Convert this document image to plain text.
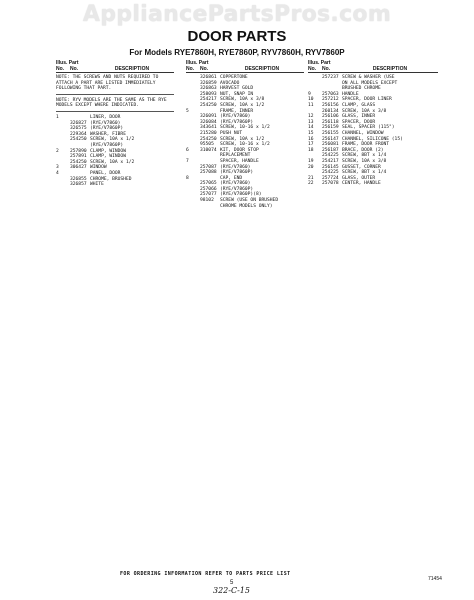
AppliancePartsPros.com
DOOR PARTS
For Models RYE7860H, RYE7860P, RYV7860H, RYV7860P
Illus. Part
No.	No.	DESCRIPTION
NOTE: THE SCREWS AND NUTS REQUIRED TO ATTACH A PART ARE LISTED IMMEDIATELY FOLLOWING THAT PART.
NOTE: RYV MODELS ARE THE SAME AS THE RYE MODELS EXCEPT WHERE INDICATED.
1	LINER, DOOR
326827 (RYE/V7860)
326575 (RYE/V7860P)
229364 WASHER, FIBRE
254250 SCREW, 10A x 1/2
(RYE/V7860P)
2	257890 CLAMP, WINDOW
257891 CLAMP, WINDOW
254250 SCREW, 10A x 1/2
3	306427 WINDOW
4	PANEL, DOOR
326855 CHROME, BRUSHED
326857 WHITE
Illus. Part
No.	No.	DESCRIPTION
326861 COPPERTONE
326859 AVOCADO
326863 HARVEST GOLD
258093 NUT, SNAP IN
254217 SCREW, 10A x 3/8
254250 SCREW, 10A x 1/2
5	FRAME, INNER
326091 (RYE/V7860)
326084 (RYE/V7860P)
343641 SCREW, 10-16 x 1/2
215280 PUSH NUT
254250 SCREW, 10A x 1/2
95505	SCREW, 10-16 x 1/2
6	310074 KIT, DOOR STOP
REPLACEMENT
7	SPACER, HANDLE
257087 (RYE/V7860)
257088 (RYE/V7860P)
8	CAP, END
257065 (RYE/V7860)
257066 (RYE/V7860P)
257077 (RYE/V7860P)(8)
98102	SCREW (USE ON BRUSHED
CHROME MODELS ONLY)
Illus. Part
No.	No.	DESCRIPTION
257237 SCREW & WASHER (USE
ON ALL MODELS EXCEPT
BRUSHED CHROME
9	257063 HANDLE
10	257212 SPACER, DOOR LINER
11	256156 CLAMP, GLASS
260134 SCREW, 10A x 3/8
12	256106 GLASS, INNER
13	256118 SPACER, DOOR
14	256159 SEAL, SPACER (115")
15	256155 CHANNEL, WINDOW
16	256147 CHANNEL, SILICONE (15)
17	256081 FRAME, DOOR FRONT
18	256187 BRACE, DOOR (2)
254225 SCREW, 8BT x 1/4
19	254217 SCREW, 10A x 3/8
20	256145 GUSSET, CORNER
254225 SCREW, 8BT x 1/4
21	257724 GLASS, OUTER
22	257078 CENTER, HANDLE
FOR ORDERING INFORMATION REFER TO PARTS PRICE LIST
5
71454
322-C-15
